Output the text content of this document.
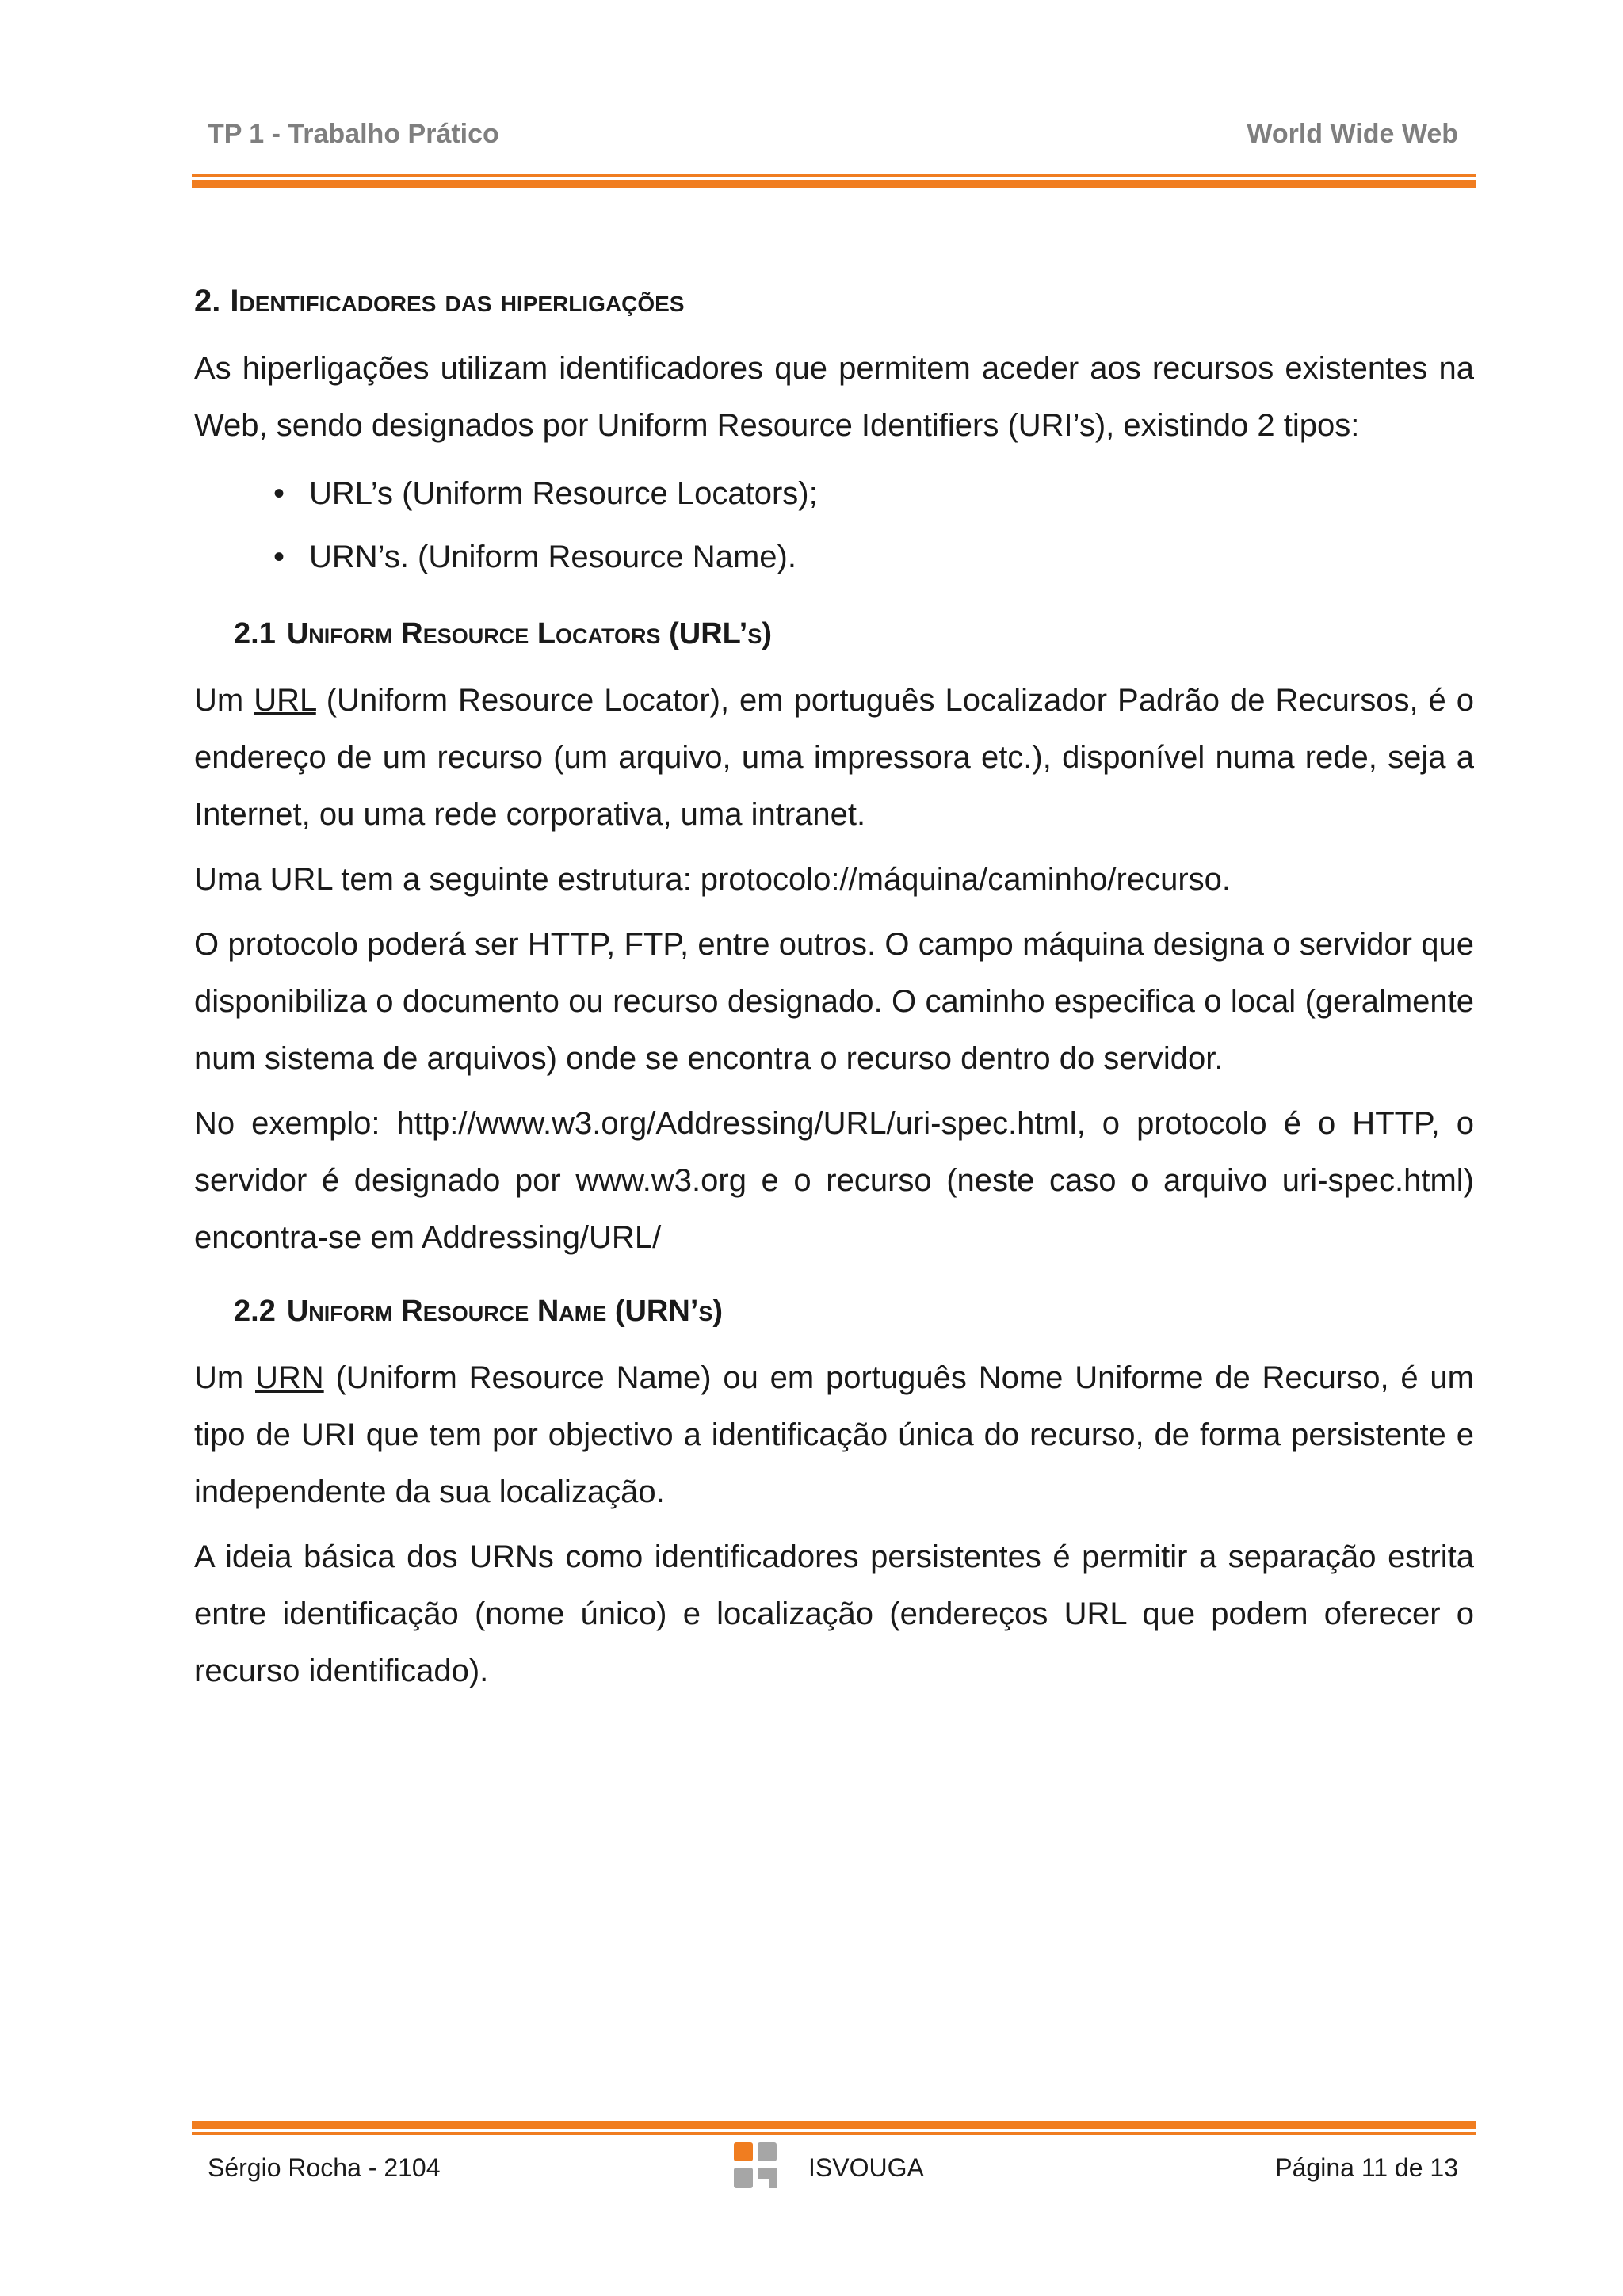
TP 1 - Trabalho Prático	World Wide Web
2. Identificadores das hiperligações

As hiperligações utilizam identificadores que permitem aceder aos recursos existentes na Web, sendo designados por Uniform Resource Identifiers (URI’s), existindo 2 tipos:

• URL’s (Uniform Resource Locators);
• URN’s. (Uniform Resource Name).
2.1 Uniform Resource Locators (URL’s)

Um URL (Uniform Resource Locator), em português Localizador Padrão de Recursos, é o endereço de um recurso (um arquivo, uma impressora etc.), disponível numa rede, seja a Internet, ou uma rede corporativa, uma intranet.

Uma URL tem a seguinte estrutura: protocolo://máquina/caminho/recurso.

O protocolo poderá ser HTTP, FTP, entre outros. O campo máquina designa o servidor que disponibiliza o documento ou recurso designado. O caminho especifica o local (geralmente num sistema de arquivos) onde se encontra o recurso dentro do servidor.

No exemplo: http://www.w3.org/Addressing/URL/uri-spec.html, o protocolo é o HTTP, o servidor é designado por www.w3.org e o recurso (neste caso o arquivo uri-spec.html) encontra-se em Addressing/URL/

2.2 Uniform Resource Name (URN’s)

Um URN (Uniform Resource Name) ou em português Nome Uniforme de Recurso, é um tipo de URI que tem por objectivo a identificação única do recurso, de forma persistente e independente da sua localização.

A ideia básica dos URNs como identificadores persistentes é permitir a separação estrita entre identificação (nome único) e localização (endereços URL que podem oferecer o recurso identificado).

Sérgio Rocha - 2104	ISVOUGA	Página 11 de 13
